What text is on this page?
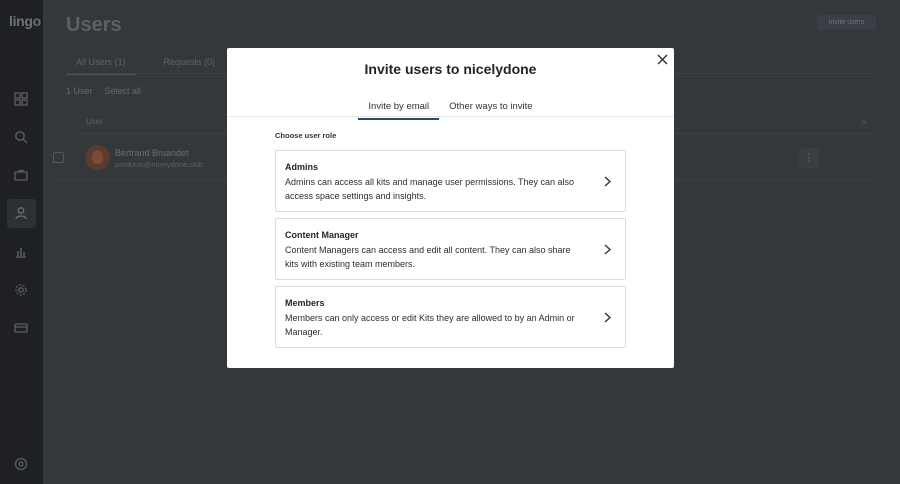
lingo Users	Invite users
All Users (1)	Requests (0)
1 User Select all
User	s
Bertrand Bruandet
products@nicelydone.club
⋮
Invite users to nicelydone
Invite by email	Other ways to invite
Choose user role
Admins
Admins can access all kits and manage user permissions. They can also access space settings and insights.
Content Manager
Content Managers can access and edit all content. They can also share kits with existing team members.
Members
Members can only access or edit Kits they are allowed to by an Admin or Manager.
